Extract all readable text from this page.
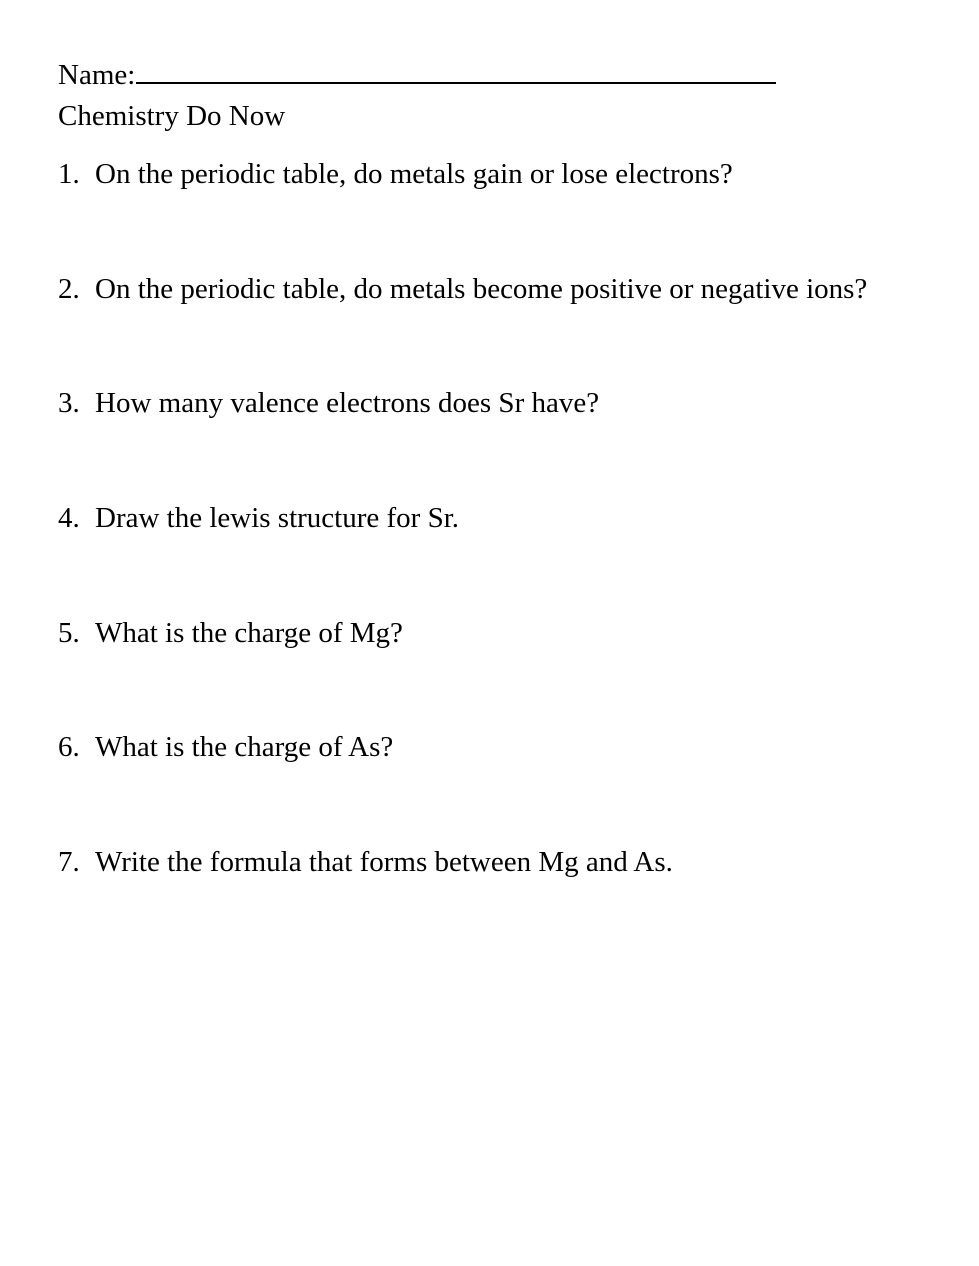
Name:
Chemistry Do Now
1. On the periodic table, do metals gain or lose electrons?
2. On the periodic table, do metals become positive or negative ions?
3. How many valence electrons does Sr have?
4. Draw the lewis structure for Sr.
5. What is the charge of Mg?
6. What is the charge of As?
7. Write the formula that forms between Mg and As.
